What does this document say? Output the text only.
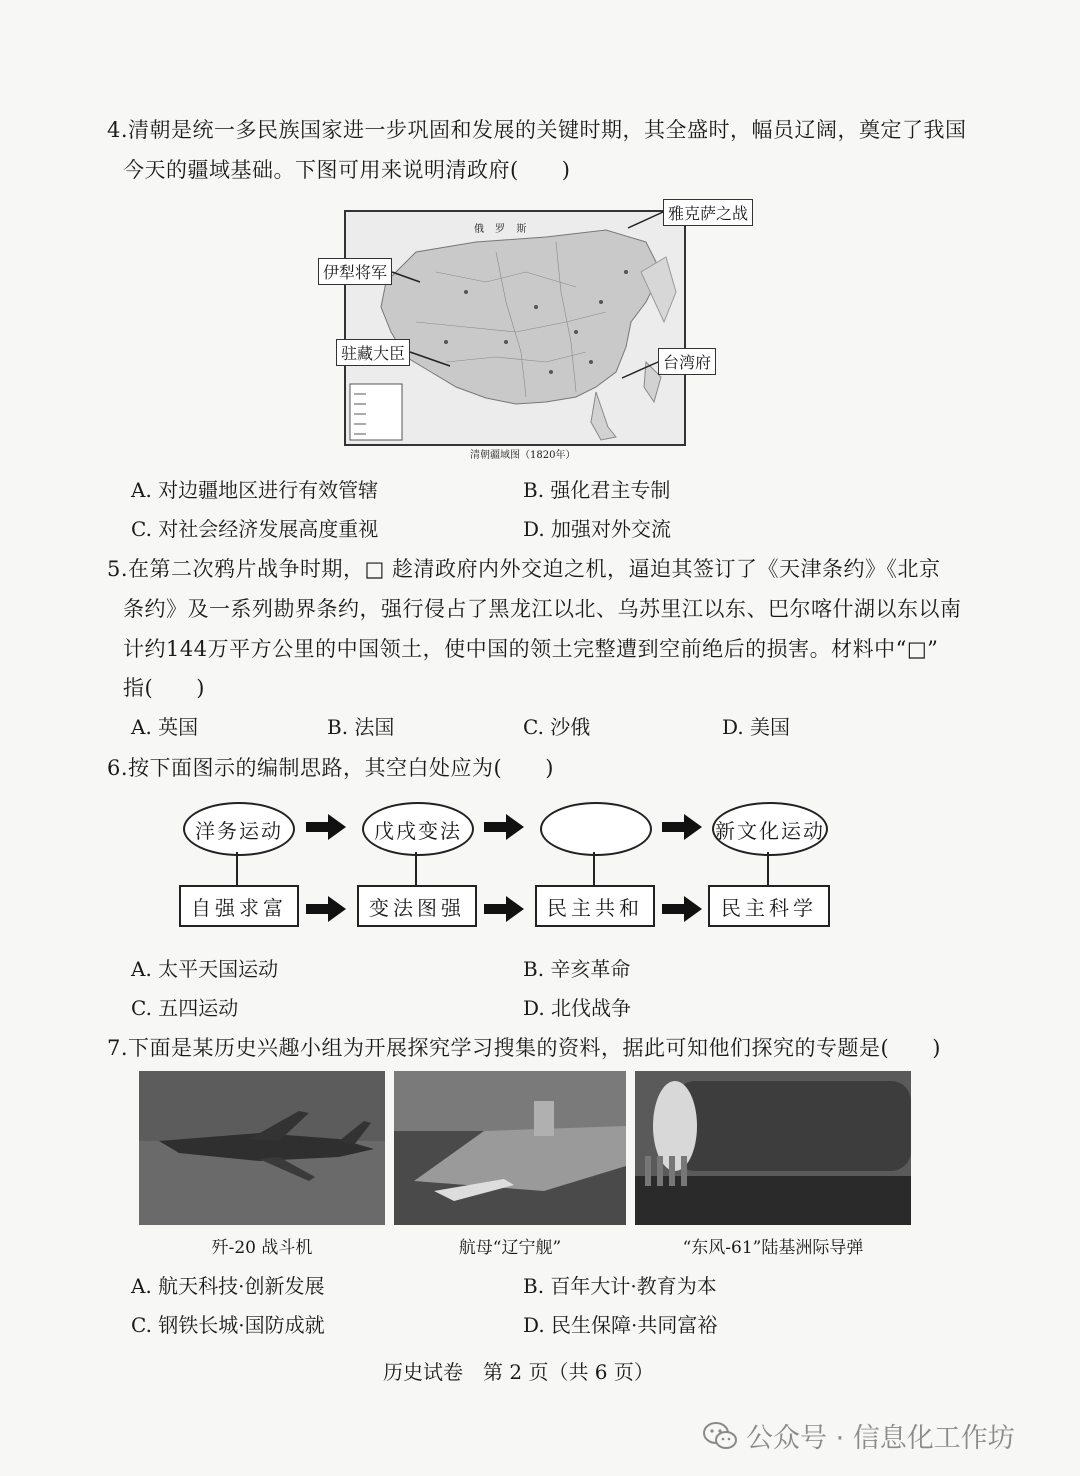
4.清朝是统一多民族国家进一步巩固和发展的关键时期，其全盛时，幅员辽阔，奠定了我国
今天的疆域基础。下图可用来说明清政府(　　)
俄 罗 斯
清朝疆域图（1820年）
雅克萨之战
伊犁将军
驻藏大臣	台湾府
A. 对边疆地区进行有效管辖	B. 强化君主专制
C. 对社会经济发展高度重视	D. 加强对外交流
5.在第二次鸦片战争时期，□ 趁清政府内外交迫之机，逼迫其签订了《天津条约》《北京
条约》及一系列勘界条约，强行侵占了黑龙江以北、乌苏里江以东、巴尔喀什湖以东以南
计约144万平方公里的中国领土，使中国的领土完整遭到空前绝后的损害。材料中“□”
指(　　)
A. 英国	B. 法国	C. 沙俄	D. 美国
6.按下面图示的编制思路，其空白处应为(　　)
洋务运动	戊戌变法	新文化运动
自强求富	变法图强	民主共和	民主科学
A. 太平天国运动	B. 辛亥革命
C. 五四运动	D. 北伐战争
7.下面是某历史兴趣小组为开展探究学习搜集的资料，据此可知他们探究的专题是(　　)
歼-20 战斗机	航母“辽宁舰”	“东风-61”陆基洲际导弹
A. 航天科技·创新发展	B. 百年大计·教育为本
C. 钢铁长城·国防成就	D. 民生保障·共同富裕
历史试卷　第 2 页（共 6 页）
公众号 · 信息化工作坊
